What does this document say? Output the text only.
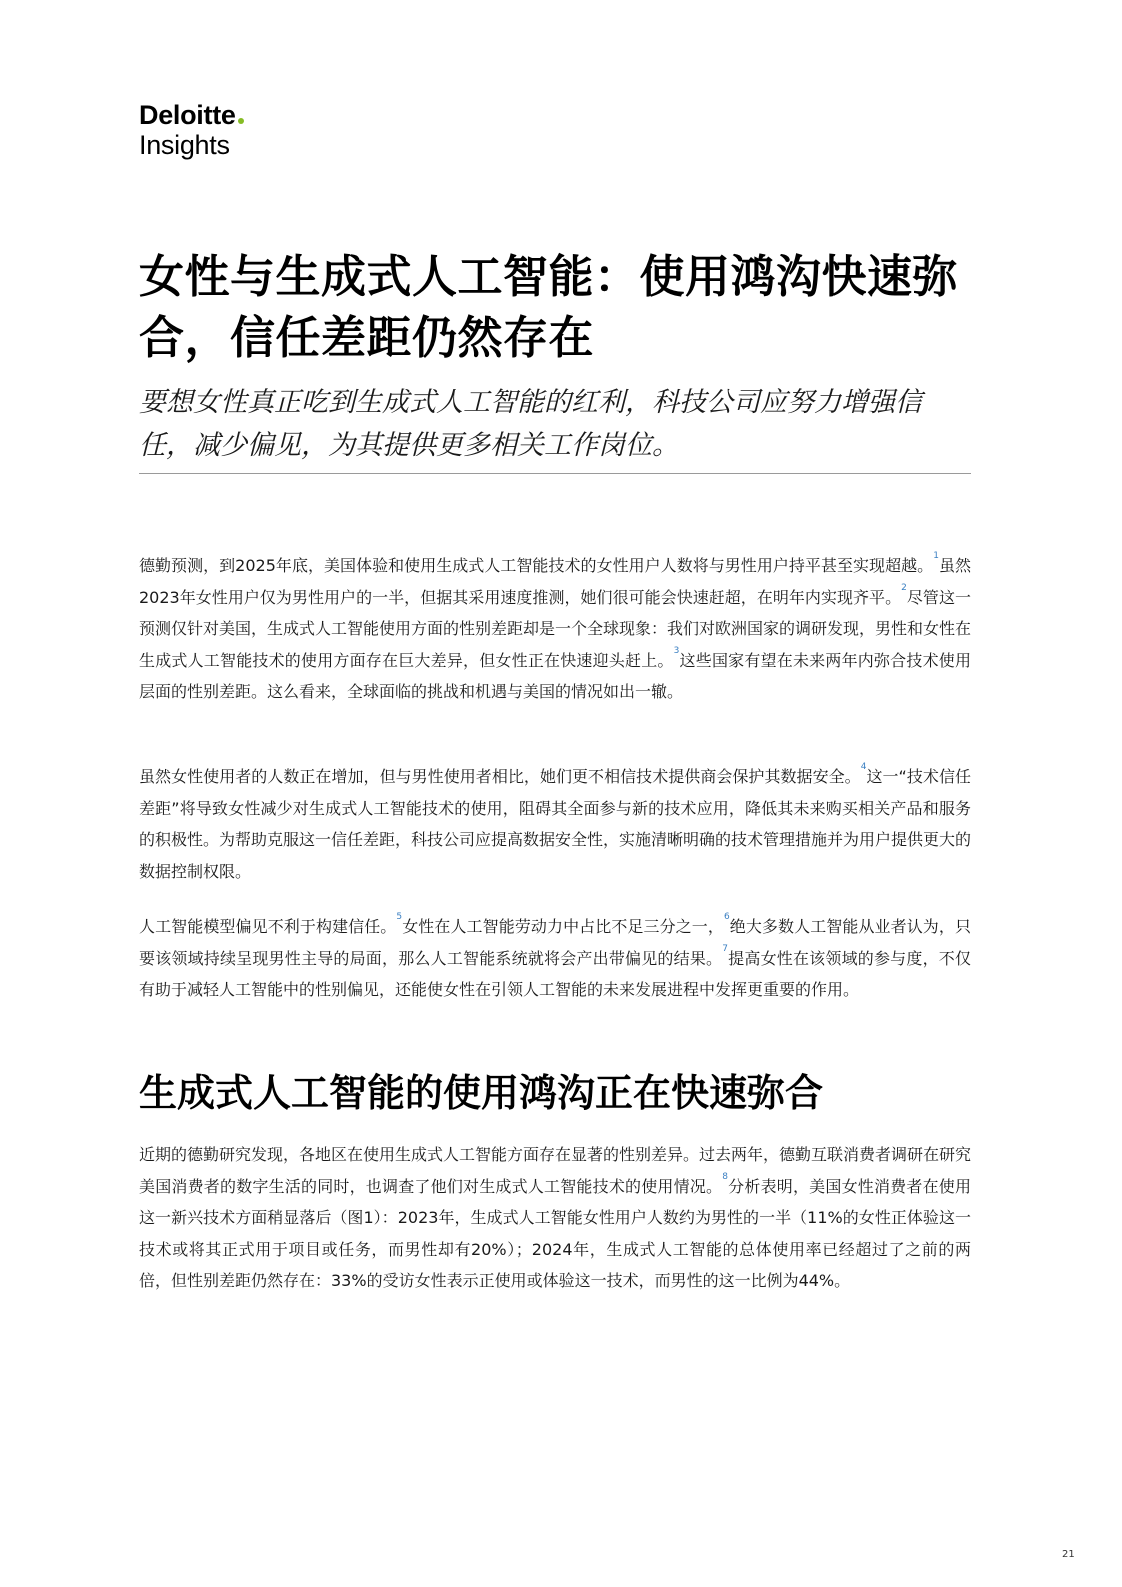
Deloitte
Insights
女性与生成式人工智能：使用鸿沟快速弥合，信任差距仍然存在

要想女性真正吃到生成式人工智能的红利，科技公司应努力增强信任，减少偏见，为其提供更多相关工作岗位。

德勤预测，到2025年底，美国体验和使用生成式人工智能技术的女性用户人数将与男性用户持平甚至实现超越。$^1$虽然2023年女性用户仅为男性用户的一半，但据其采用速度推测，她们很可能会快速赶超，在明年内实现齐平。$^2$尽管这一预测仅针对美国，生成式人工智能使用方面的性别差距却是一个全球现象：我们对欧洲国家的调研发现，男性和女性在生成式人工智能技术的使用方面存在巨大差异，但女性正在快速迎头赶上。$^3$这些国家有望在未来两年内弥合技术使用层面的性别差距。这么看来，全球面临的挑战和机遇与美国的情况如出一辙。

虽然女性使用者的人数正在增加，但与男性使用者相比，她们更不相信技术提供商会保护其数据安全。$^4$这一“技术信任差距”将导致女性减少对生成式人工智能技术的使用，阻碍其全面参与新的技术应用，降低其未来购买相关产品和服务的积极性。为帮助克服这一信任差距，科技公司应提高数据安全性，实施清晰明确的技术管理措施并为用户提供更大的数据控制权限。

人工智能模型偏见不利于构建信任。$^5$女性在人工智能劳动力中占比不足三分之一，$^6$绝大多数人工智能从业者认为，只要该领域持续呈现男性主导的局面，那么人工智能系统就将会产出带偏见的结果。$^7$提高女性在该领域的参与度，不仅有助于减轻人工智能中的性别偏见，还能使女性在引领人工智能的未来发展进程中发挥更重要的作用。

生成式人工智能的使用鸿沟正在快速弥合

近期的德勤研究发现，各地区在使用生成式人工智能方面存在显著的性别差异。过去两年，德勤互联消费者调研在研究美国消费者的数字生活的同时，也调查了他们对生成式人工智能技术的使用情况。$^8$分析表明，美国女性消费者在使用这一新兴技术方面稍显落后（图1）：2023年，生成式人工智能女性用户人数约为男性的一半（11%的女性正体验这一技术或将其正式用于项目或任务，而男性却有20%）；2024年，生成式人工智能的总体使用率已经超过了之前的两倍，但性别差距仍然存在：33%的受访女性表示正使用或体验这一技术，而男性的这一比例为44%。

21
